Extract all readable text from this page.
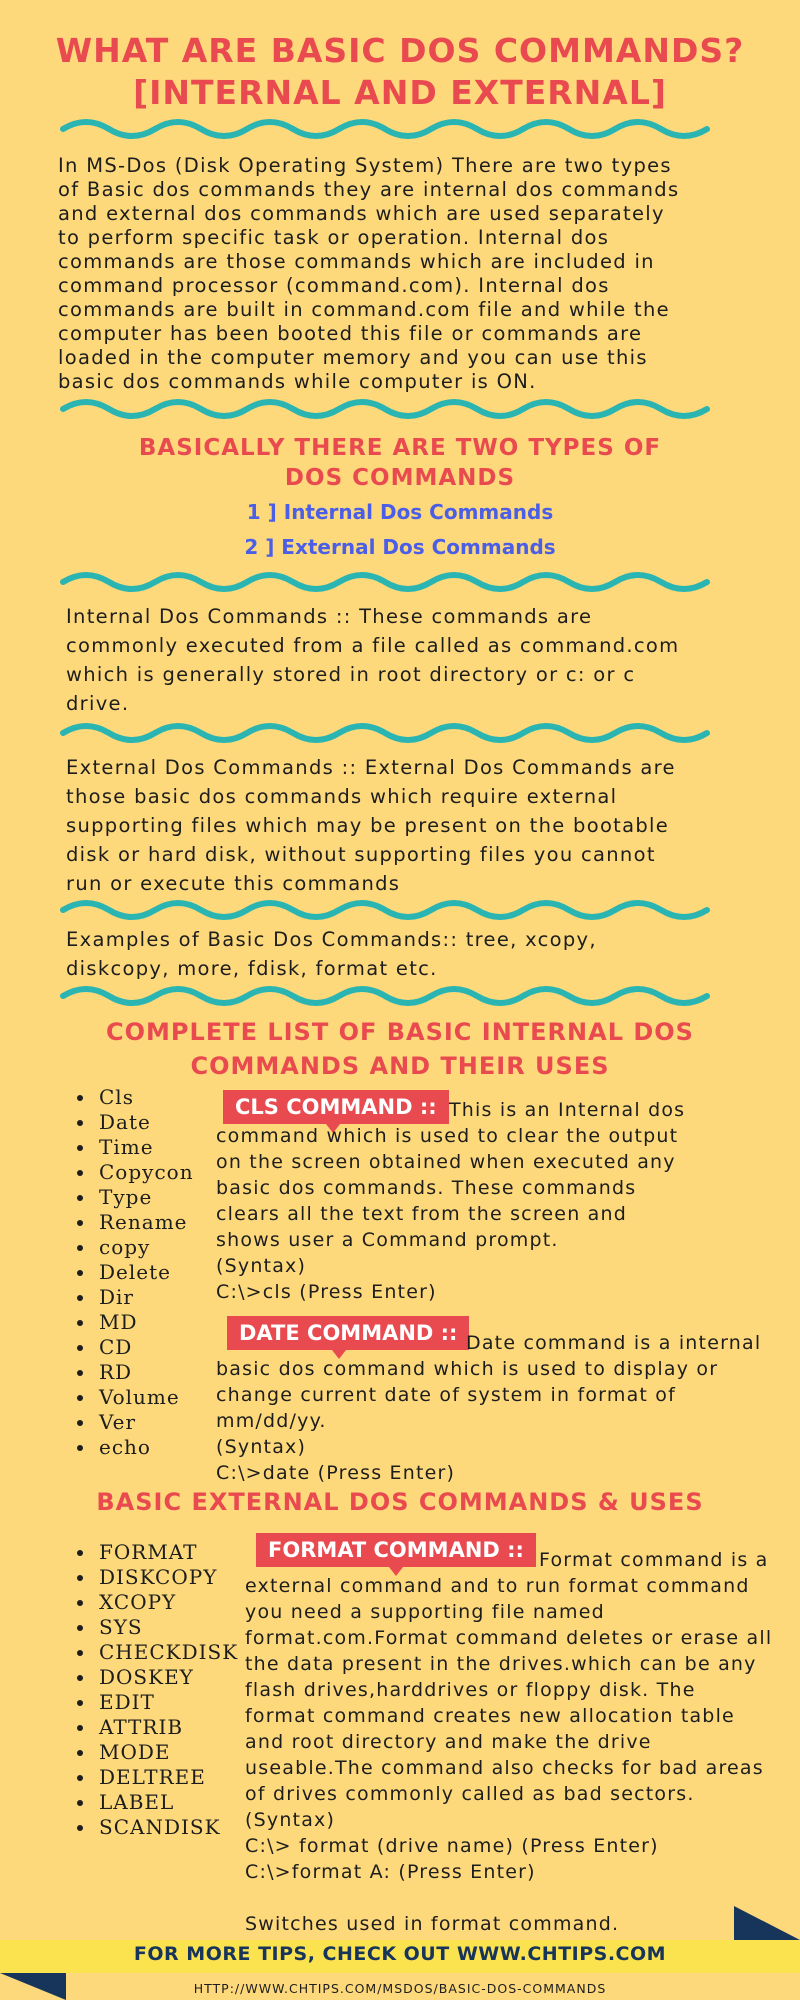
WHAT ARE BASIC DOS COMMANDS?
[INTERNAL AND EXTERNAL]
In MS-Dos (Disk Operating System) There are two types
of Basic dos commands they are internal dos commands
and external dos commands which are used separately
to perform specific task or operation. Internal dos
commands are those commands which are included in
command processor (command.com). Internal dos
commands are built in command.com file and while the
computer has been booted this file or commands are
loaded in the computer memory and you can use this
basic dos commands while computer is ON.
BASICALLY THERE ARE TWO TYPES OF
DOS COMMANDS
1 ] Internal Dos Commands
2 ] External Dos Commands
Internal Dos Commands :: These commands are
commonly executed from a file called as command.com
which is generally stored in root directory or c: or c
drive.
External Dos Commands :: External Dos Commands are
those basic dos commands which require external
supporting files which may be present on the bootable
disk or hard disk, without supporting files you cannot
run or execute this commands
Examples of Basic Dos Commands:: tree, xcopy,
diskcopy, more, fdisk, format etc.
COMPLETE LIST OF BASIC INTERNAL DOS
COMMANDS AND THEIR USES
Cls
Date
Time
Copycon
Type
Rename
copy
Delete
Dir
MD
CD
RD
Volume
Ver
echo
CLS COMMAND :: This is an Internal dos
command which is used to clear the output
on the screen obtained when executed any
basic dos commands. These commands
clears all the text from the screen and
shows user a Command prompt.
(Syntax)
C:\>cls (Press Enter)
DATE COMMAND :: Date command is a internal
basic dos command which is used to display or
change current date of system in format of
mm/dd/yy.
(Syntax)
C:\>date (Press Enter)
BASIC EXTERNAL DOS COMMANDS & USES
FORMAT
DISKCOPY
XCOPY
SYS
CHECKDISK
DOSKEY
EDIT
ATTRIB
MODE
DELTREE
LABEL
SCANDISK
FORMAT COMMAND :: Format command is a
external command and to run format command
you need a supporting file named
format.com.Format command deletes or erase all
the data present in the drives.which can be any
flash drives,harddrives or floppy disk. The
format command creates new allocation table
and root directory and make the drive
useable.The command also checks for bad areas
of drives commonly called as bad sectors.
(Syntax)
C:\> format (drive name) (Press Enter)
C:\>format A: (Press Enter)

Switches used in format command.
FOR MORE TIPS, CHECK OUT WWW.CHTIPS.COM
HTTP://WWW.CHTIPS.COM/MSDOS/BASIC-DOS-COMMANDS
